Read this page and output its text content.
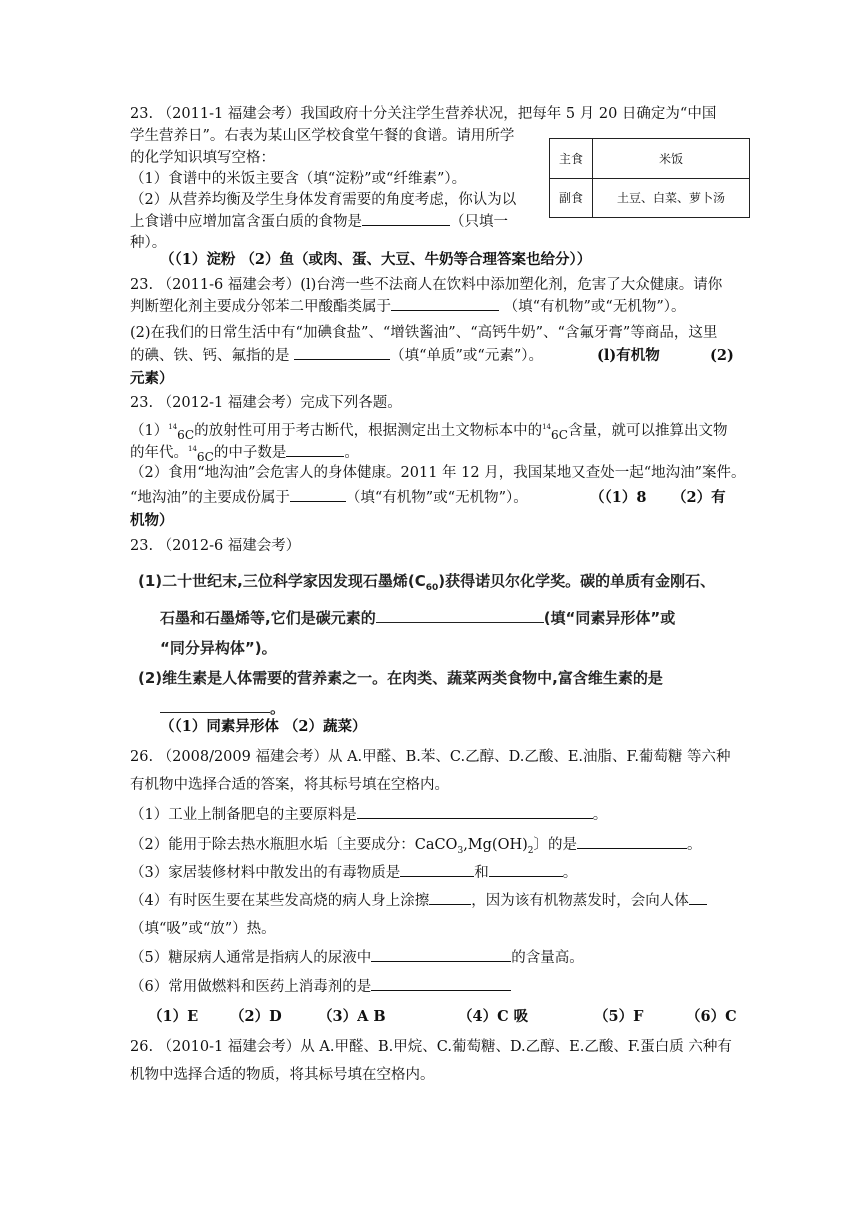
23. （2011-1 福建会考）我国政府十分关注学生营养状况，把每年 5 月 20 日确定为“中国
学生营养日”。右表为某山区学校食堂午餐的食谱。请用所学
的化学知识填写空格：
（1）食谱中的米饭主要含（填“淀粉”或“纤维素”）。
（2）从营养均衡及学生身体发育需要的角度考虑，你认为以
上食谱中应增加富含蛋白质的食物是	（只填一
种）。
主食	米饭
副食	土豆、白菜、萝卜汤
（（1）淀粉 （2）鱼（或肉、蛋、大豆、牛奶等合理答案也给分））
23. （2011-6 福建会考）(l)台湾一些不法商人在饮料中添加塑化剂，危害了大众健康。请你
判断塑化剂主要成分邻苯二甲酸酯类属于	（填“有机物”或“无机物”）。
(2)在我们的日常生活中有“加碘食盐”、“增铁酱油”、“高钙牛奶”、“含氟牙膏”等商品，这里
的碘、铁、钙、氟指的是	（填“单质”或“元素”）。	(l)有机物	(2)
元素）
23. （2012-1 福建会考）完成下列各题。
$(1)^{14}_{6C}$的放射性可用于考古断代，根据测定出土文物标本中的$^{14}_{6C}$含量，就可以推算出文物
的年代。$^{14}_{6C}$的中子数是	。
（2）食用“地沟油”会危害人的身体健康。2011 年 12 月，我国某地又查处一起“地沟油”案件。
“地沟油”的主要成份属于	（填“有机物”或“无机物”）。	（（1）8 （2）有
机物）
23. （2012-6 福建会考）
(1)二十世纪末,三位科学家因发现石墨烯$(C_{60})$获得诺贝尔化学奖。碳的单质有金刚石、
石墨和石墨烯等,它们是碳元素的	(填“同素异形体”或
“同分异构体”)。
(2)维生素是人体需要的营养素之一。在肉类、蔬菜两类食物中,富含维生素的是
。
（（1）同素异形体 （2）蔬菜）
26. （2008/2009 福建会考）从 A.甲醛、B.苯、C.乙醇、D.乙酸、E.油脂、F.葡萄糖 等六种
有机物中选择合适的答案，将其标号填在空格内。
（1）工业上制备肥皂的主要原料是	。
（2）能用于除去热水瓶胆水垢〔主要成分：$CaCO_3,Mg(OH)_2$〕的是	。
（3）家居装修材料中散发出的有毒物质是	和	。
（4）有时医生要在某些发高烧的病人身上涂擦	，因为该有机物蒸发时，会向人体
（填“吸”或“放”）热。
（5）糖尿病人通常是指病人的尿液中	的含量高。
（6）常用做燃料和医药上消毒剂的是
（1）E （2）D	（3）A B	（4）C 吸	（5）F	（6）C
26. （2010-1 福建会考）从 A.甲醛、B.甲烷、C.葡萄糖、D.乙醇、E.乙酸、F.蛋白质 六种有
机物中选择合适的物质，将其标号填在空格内。
